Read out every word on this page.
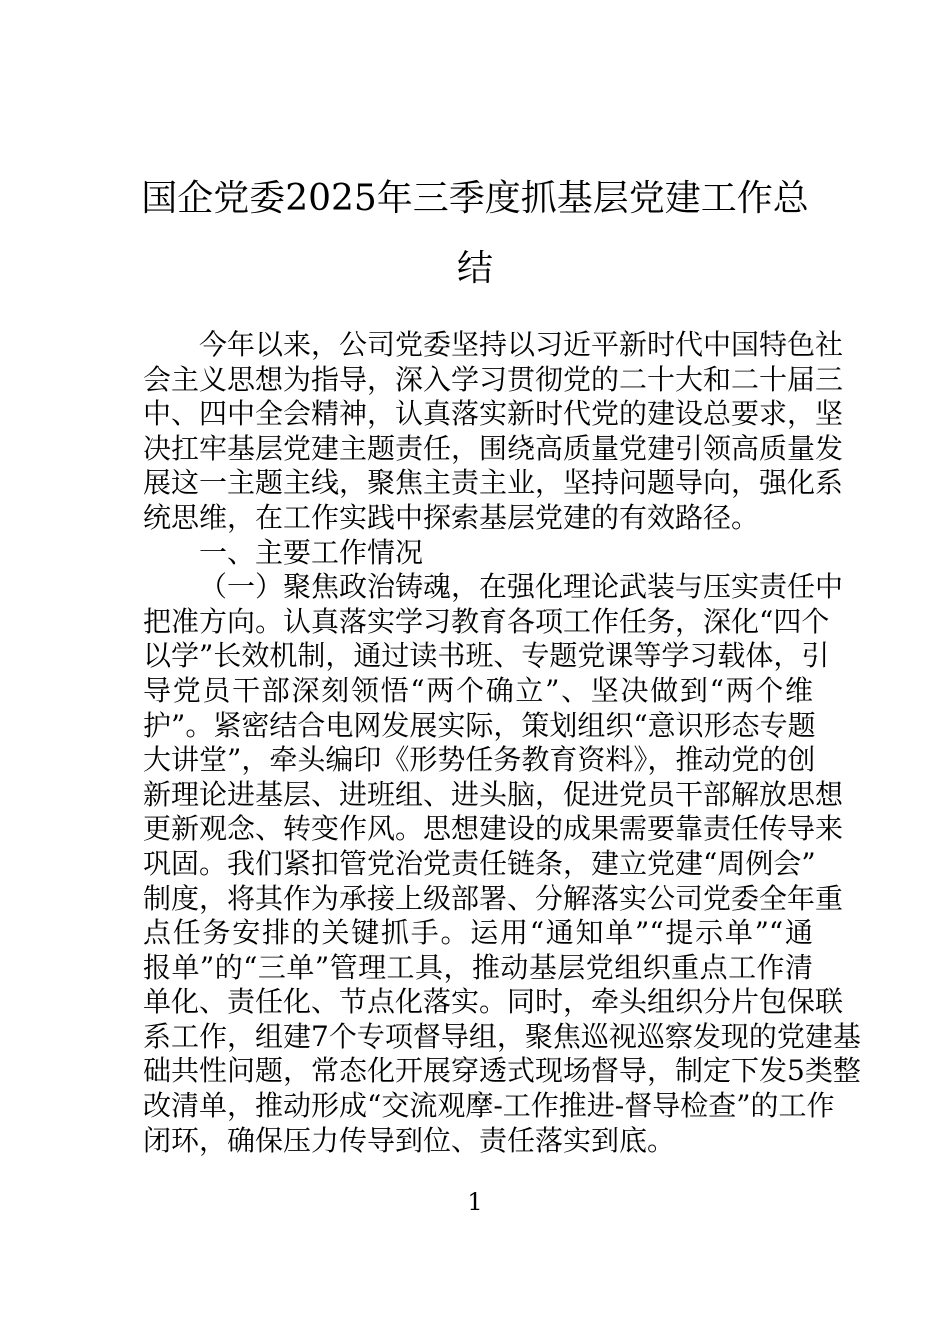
国企党委2025年三季度抓基层党建工作总
结
今年以来，公司党委坚持以习近平新时代中国特色社
会主义思想为指导，深入学习贯彻党的二十大和二十届三
中、四中全会精神，认真落实新时代党的建设总要求，坚
决扛牢基层党建主题责任，围绕高质量党建引领高质量发
展这一主题主线，聚焦主责主业，坚持问题导向，强化系
统思维，在工作实践中探索基层党建的有效路径。
一、主要工作情况
（一）聚焦政治铸魂，在强化理论武装与压实责任中
把准方向。认真落实学习教育各项工作任务，深化“四个
以学”长效机制，通过读书班、专题党课等学习载体，引
导党员干部深刻领悟“两个确立”、坚决做到“两个维
护”。紧密结合电网发展实际，策划组织“意识形态专题
大讲堂”，牵头编印《形势任务教育资料》，推动党的创
新理论进基层、进班组、进头脑，促进党员干部解放思想
更新观念、转变作风。思想建设的成果需要靠责任传导来
巩固。我们紧扣管党治党责任链条，建立党建“周例会”
制度，将其作为承接上级部署、分解落实公司党委全年重
点任务安排的关键抓手。运用“通知单”“提示单”“通
报单”的“三单”管理工具，推动基层党组织重点工作清
单化、责任化、节点化落实。同时，牵头组织分片包保联
系工作，组建7个专项督导组，聚焦巡视巡察发现的党建基
础共性问题，常态化开展穿透式现场督导，制定下发5类整
改清单，推动形成“交流观摩-工作推进-督导检查”的工作
闭环，确保压力传导到位、责任落实到底。
1
